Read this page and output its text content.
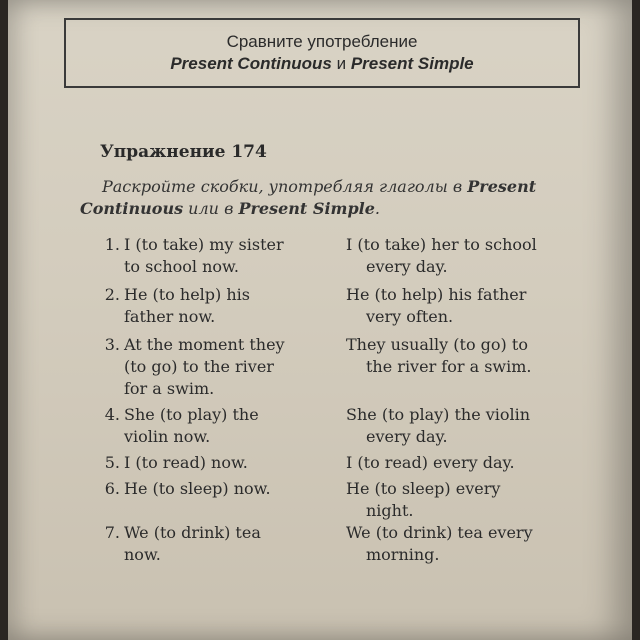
Сравните употребление
Present Continuous и Present Simple
Упражнение 174
Раскройте скобки, употребляя глаголы в Present Continuous или в Present Simple.
1. I (to take) my sister
to school now.
I (to take) her to school
every day.
2. He (to help) his
father now.
He (to help) his father
very often.
3. At the moment they
(to go) to the river
for a swim.
They usually (to go) to
the river for a swim.
4. She (to play) the
violin now.
She (to play) the violin
every day.
5. I (to read) now.	I (to read) every day.
6. He (to sleep) now.	He (to sleep) every
night.
7. We (to drink) tea
now.
We (to drink) tea every
morning.
